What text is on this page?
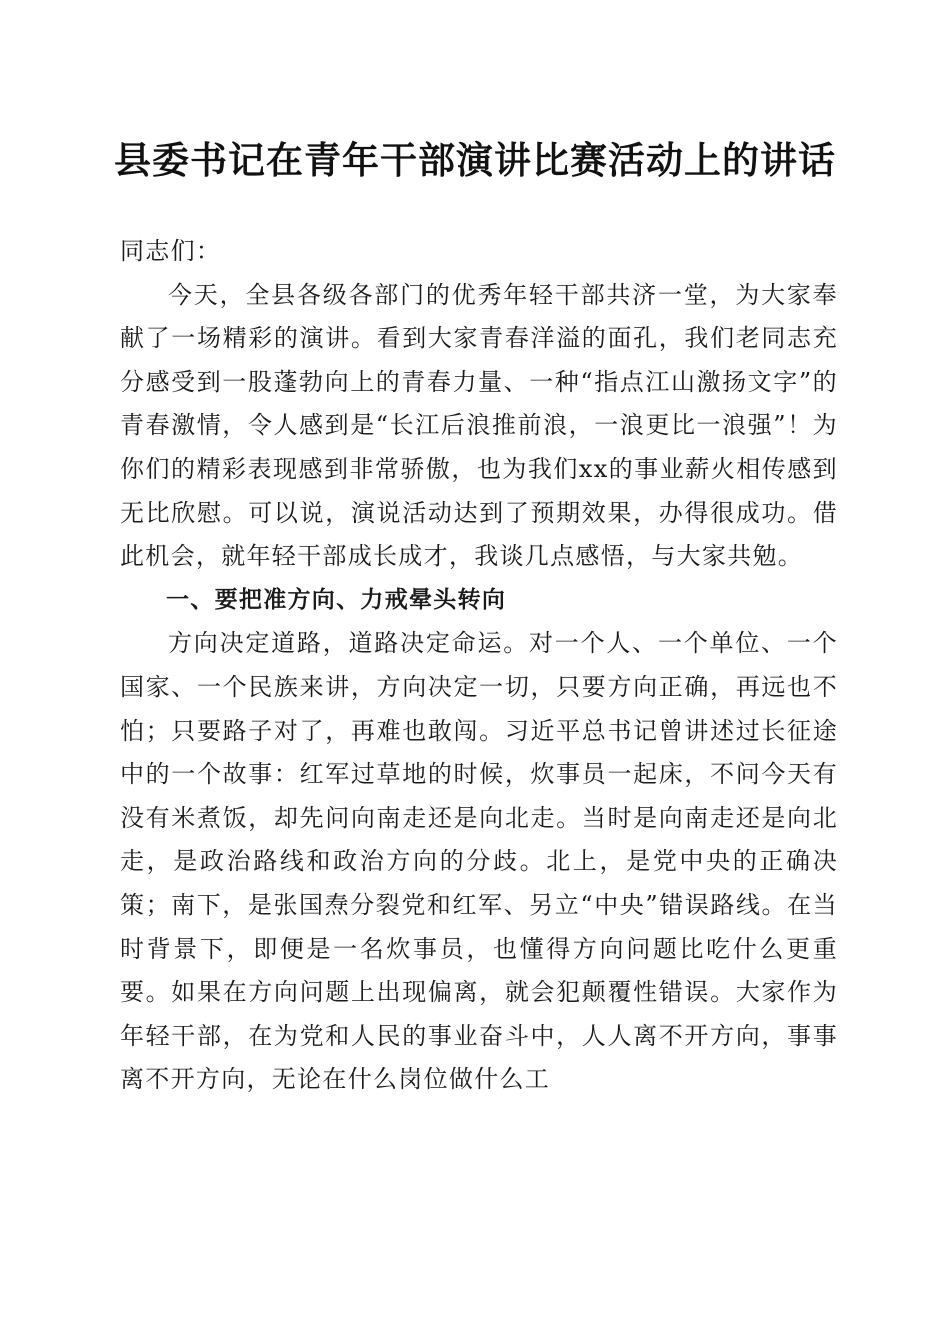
县委书记在青年干部演讲比赛活动上的讲话

同志们：

今天，全县各级各部门的优秀年轻干部共济一堂，为大家奉献了一场精彩的演讲。看到大家青春洋溢的面孔，我们老同志充分感受到一股蓬勃向上的青春力量、一种“指点江山激扬文字”的青春激情，令人感到是“长江后浪推前浪，一浪更比一浪强”！为你们的精彩表现感到非常骄傲，也为我们xx的事业薪火相传感到无比欣慰。可以说，演说活动达到了预期效果，办得很成功。借此机会，就年轻干部成长成才，我谈几点感悟，与大家共勉。

一、要把准方向、力戒晕头转向

方向决定道路，道路决定命运。对一个人、一个单位、一个国家、一个民族来讲，方向决定一切，只要方向正确，再远也不怕；只要路子对了，再难也敢闯。习近平总书记曾讲述过长征途中的一个故事：红军过草地的时候，炊事员一起床，不问今天有没有米煮饭，却先问向南走还是向北走。当时是向南走还是向北走，是政治路线和政治方向的分歧。北上，是党中央的正确决策；南下，是张国焘分裂党和红军、另立“中央”错误路线。在当时背景下，即便是一名炊事员，也懂得方向问题比吃什么更重要。如果在方向问题上出现偏离，就会犯颠覆性错误。大家作为年轻干部，在为党和人民的事业奋斗中，人人离不开方向，事事离不开方向，无论在什么岗位做什么工
